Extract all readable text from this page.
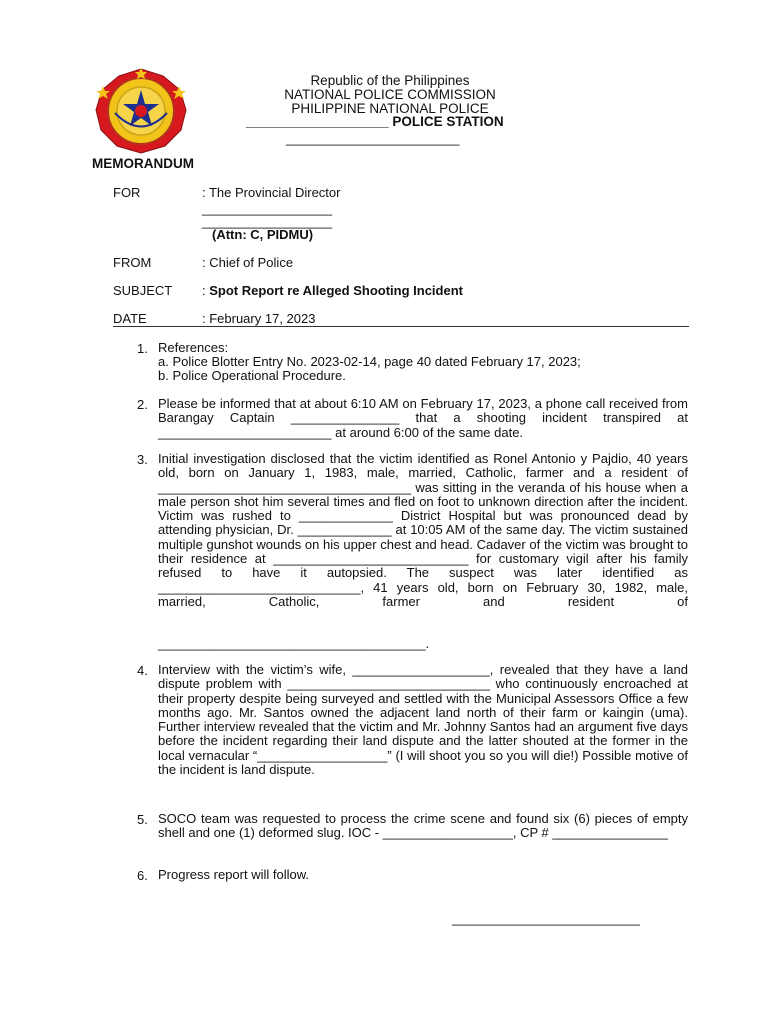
Republic of the Philippines
NATIONAL POLICE COMMISSION
PHILIPPINE NATIONAL POLICE
___________________ POLICE STATION
________________________
MEMORANDUM
FOR	: The Provincial Director
__________________
__________________
(Attn: C, PIDMU)
FROM	: Chief of Police
SUBJECT : Spot Report re Alleged Shooting Incident
DATE	: February 17, 2023
1. References:
a. Police Blotter Entry No. 2023-02-14, page 40 dated February 17, 2023;
b. Police Operational Procedure.
2. Please be informed that at about 6:10 AM on February 17, 2023, a phone call received from Barangay Captain _______________ that a shooting incident transpired at ________________________ at around 6:00 of the same date.
3. Initial investigation disclosed that the victim identified as Ronel Antonio y Pajdio, 40 years old, born on January 1, 1983, male, married, Catholic, farmer and a resident of ___________________________________ was sitting in the veranda of his house when a male person shot him several times and fled on foot to unknown direction after the incident. Victim was rushed to _____________ District Hospital but was pronounced dead by attending physician, Dr. _____________ at 10:05 AM of the same day. The victim sustained multiple gunshot wounds on his upper chest and head. Cadaver of the victim was brought to their residence at ___________________________ for customary vigil after his family refused to have it autopsied. The suspect was later identified as ____________________________, 41 years old, born on February 30, 1982, male, married, Catholic, farmer and resident of
_____________________________________.
4. Interview with the victim’s wife, ___________________, revealed that they have a land dispute problem with ____________________________ who continuously encroached at their property despite being surveyed and settled with the Municipal Assessors Office a few months ago. Mr. Santos owned the adjacent land north of their farm or kaingin (uma). Further interview revealed that the victim and Mr. Johnny Santos had an argument five days before the incident regarding their land dispute and the latter shouted at the former in the local vernacular “__________________” (I will shoot you so you will die!) Possible motive of the incident is land dispute.
5. SOCO team was requested to process the crime scene and found six (6) pieces of empty shell and one (1) deformed slug. IOC - __________________, CP # ________________
6. Progress report will follow.
__________________________
